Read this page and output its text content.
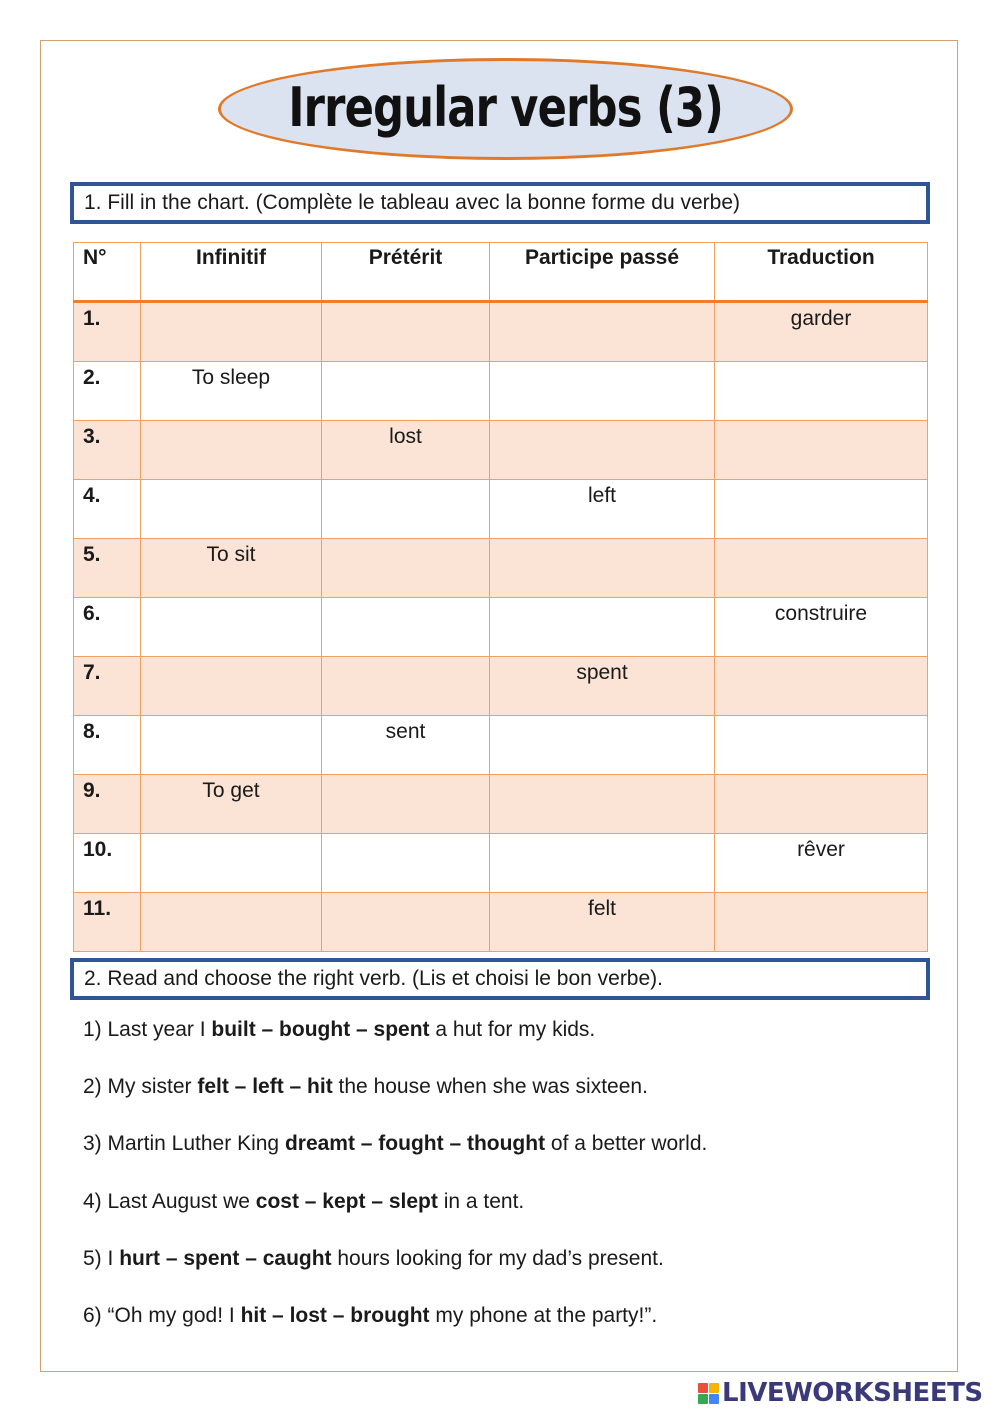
Irregular verbs (3)
1. Fill in the chart. (Complète le tableau avec la bonne forme du verbe)
N°	Infinitif	Prétérit	Participe passé	Traduction
1.				garder
2.	To sleep			
3.		lost		
4.			left	
5.	To sit			
6.				construire
7.			spent	
8.		sent		
9.	To get			
10.				rêver
11.			felt	
2. Read and choose the right verb. (Lis et choisi le bon verbe).
1) Last year I built – bought – spent a hut for my kids.
2) My sister felt – left – hit the house when she was sixteen.
3) Martin Luther King dreamt – fought – thought of a better world.
4) Last August we cost – kept – slept in a tent.
5) I hurt – spent – caught hours looking for my dad’s present.
6) “Oh my god! I hit – lost – brought my phone at the party!”.
LIVEWORKSHEETS
